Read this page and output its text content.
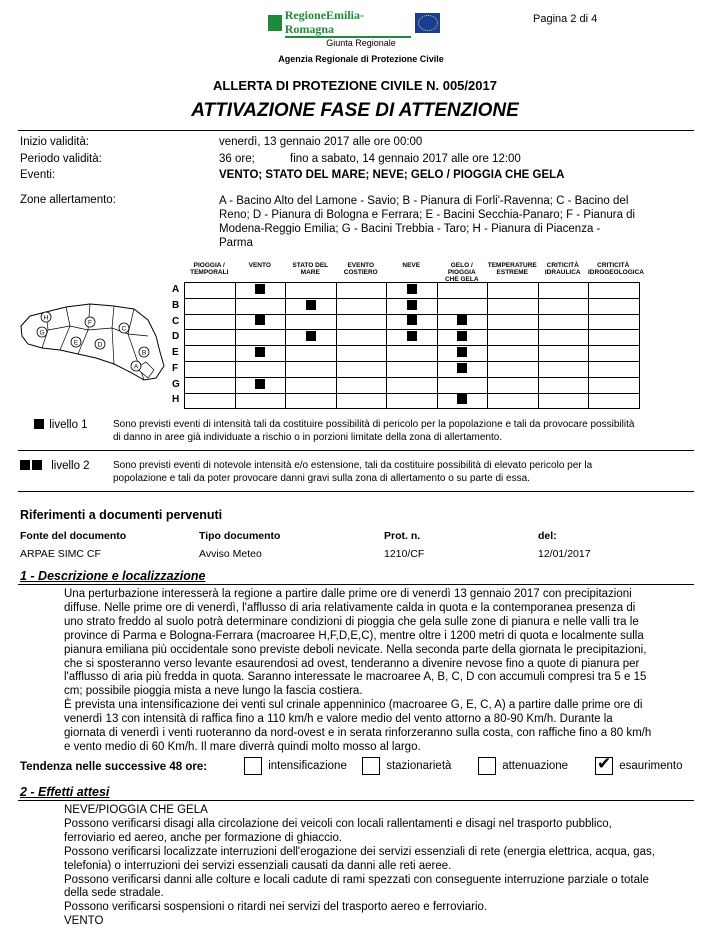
RegioneEmilia-Romagna
Pagina 2 di 4
Giunta Regionale
Agenzia Regionale di Protezione Civile
ALLERTA DI PROTEZIONE CIVILE N. 005/2017
ATTIVAZIONE FASE DI ATTENZIONE
Inizio validità:	venerdì, 13 gennaio 2017 alle ore 00:00
Periodo validità:	36 ore;	fino a sabato, 14 gennaio 2017 alle ore 12:00
Eventi:	VENTO; STATO DEL MARE; NEVE; GELO / PIOGGIA CHE GELA
Zone allertamento:	A - Bacino Alto del Lamone - Savio; B - Pianura di Forli'-Ravenna; C - Bacino del
Reno; D - Pianura di Bologna e Ferrara; E - Bacini Secchia-Panaro; F - Pianura di
Modena-Reggio Emilia; G - Bacini Trebbia - Taro; H - Pianura di Piacenza -
Parma
PIOGGIA /
TEMPORALI
VENTO	STATO DEL MARE
EVENTO
COSTIERO
NEVE	GELO / PIOGGIA
CHE GELA
TEMPERATURE
ESTREME
CRITICITÀ
IDRAULICA
CRITICITÀ
IDROGEOLOGICA
A
B
C
D
E
F
G
H

H
G
F
E	D
C
B
A
livello 1	Sono previsti eventi di intensità tali da costituire possibilità di pericolo per la popolazione e tali da provocare possibilità
di danno in aree già individuate a rischio o in porzioni limitate della zona di allertamento.
livello 2 Sono previsti eventi di notevole intensità e/o estensione, tali da costituire possibilità di elevato pericolo per la
popolazione e tali da poter provocare danni gravi sulla zona di allertamento o su parte di essa.
Riferimenti a documenti pervenuti
Fonte del documento	Tipo documento	Prot. n.	del:
ARPAE SIMC CF	Avviso Meteo	1210/CF	12/01/2017
1 - Descrizione e localizzazione
Una perturbazione interesserà la regione a partire dalle prime ore di venerdì 13 gennaio 2017 con precipitazioni
diffuse. Nelle prime ore di venerdì, l'afflusso di aria relativamente calda in quota e la contemporanea presenza di
uno strato freddo al suolo potrà determinare condizioni di pioggia che gela sulle zone di pianura e nelle valli tra le
province di Parma e Bologna-Ferrara (macroaree H,F,D,E,C), mentre oltre i 1200 metri di quota e localmente sulla
pianura emiliana più occidentale sono previste deboli nevicate. Nella seconda parte della giornata le precipitazioni,
che si sposteranno verso levante esaurendosi ad ovest, tenderanno a divenire nevose fino a quote di pianura per
l'afflusso di aria più fredda in quota. Saranno interessate le macroaree A, B, C, D con accumuli compresi tra 5 e 15
cm; possibile pioggia mista a neve lungo la fascia costiera.
È prevista una intensificazione dei venti sul crinale appenninico (macroaree G, E, C, A) a partire dalle prime ore di
venerdì 13 con intensità di raffica fino a 110 km/h e valore medio del vento attorno a 80-90 Km/h. Durante la
giornata di venerdì i venti ruoteranno da nord-ovest e in serata rinforzeranno sulla costa, con raffiche fino a 80 km/h
e vento medio di 60 Km/h. Il mare diverrà quindi molto mosso al largo.
Tendenza nelle successive 48 ore:	intensificazione	stazionarietà	attenuazione
✔	esaurimento
2 - Effetti attesi
NEVE/PIOGGIA CHE GELA
Possono verificarsi disagi alla circolazione dei veicoli con locali rallentamenti e disagi nel trasporto pubblico,
ferroviario ed aereo, anche per formazione di ghiaccio.
Possono verificarsi localizzate interruzioni dell'erogazione dei servizi essenziali di rete (energia elettrica, acqua, gas,
telefonia) o interruzioni dei servizi essenziali causati da danni alle reti aeree.
Possono verificarsi danni alle colture e locali cadute di rami spezzati con conseguente interruzione parziale o totale
della sede stradale.
Possono verificarsi sospensioni o ritardi nei servizi del trasporto aereo e ferroviario.
VENTO
